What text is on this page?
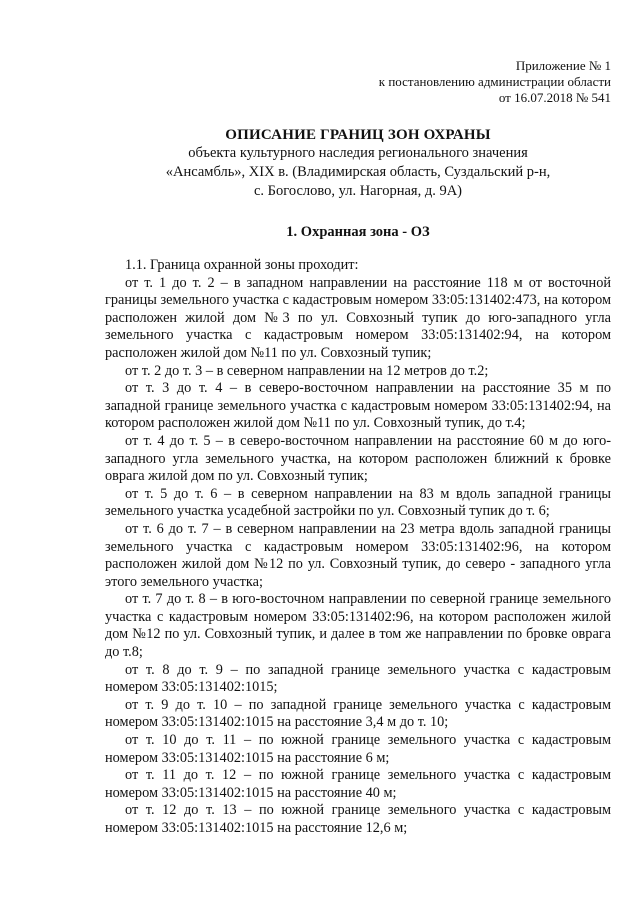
Приложение № 1
к постановлению администрации области
от 16.07.2018 № 541
ОПИСАНИЕ ГРАНИЦ ЗОН ОХРАНЫ
объекта культурного наследия регионального значения
«Ансамбль», XIX в. (Владимирская область, Суздальский р-н,
с. Богослово, ул. Нагорная, д. 9А)
1. Охранная зона - ОЗ

1.1. Граница охранной зоны проходит:

от т. 1 до т. 2 – в западном направлении на расстояние 118 м от восточной границы земельного участка с кадастровым номером 33:05:131402:473, на котором расположен жилой дом №3 по ул. Совхозный тупик до юго-западного угла земельного участка с кадастровым номером 33:05:131402:94, на котором расположен жилой дом №11 по ул. Совхозный тупик;

от т. 2 до т. 3 – в северном направлении на 12 метров до т.2;

от т. 3 до т. 4 – в северо-восточном направлении на расстояние 35 м по западной границе земельного участка с кадастровым номером 33:05:131402:94, на котором расположен жилой дом №11 по ул. Совхозный тупик, до т.4;

от т. 4 до т. 5 – в северо-восточном направлении на расстояние 60 м до юго-западного угла земельного участка, на котором расположен ближний к бровке оврага жилой дом по ул. Совхозный тупик;

от т. 5 до т. 6 – в северном направлении на 83 м вдоль западной границы земельного участка усадебной застройки по ул. Совхозный тупик до т. 6;

от т. 6 до т. 7 – в северном направлении на 23 метра вдоль западной границы земельного участка с кадастровым номером 33:05:131402:96, на котором расположен жилой дом №12 по ул. Совхозный тупик, до северо - западного угла этого земельного участка;

от т. 7 до т. 8 – в юго-восточном направлении по северной границе земельного участка с кадастровым номером 33:05:131402:96, на котором расположен жилой дом №12 по ул. Совхозный тупик, и далее в том же направлении по бровке оврага до т.8;

от т. 8 до т. 9 – по западной границе земельного участка с кадастровым номером 33:05:131402:1015;

от т. 9 до т. 10 – по западной границе земельного участка с кадастровым номером 33:05:131402:1015 на расстояние 3,4 м до т. 10;

от т. 10 до т. 11 – по южной границе земельного участка с кадастровым номером 33:05:131402:1015 на расстояние 6 м;

от т. 11 до т. 12 – по южной границе земельного участка с кадастровым номером 33:05:131402:1015 на расстояние 40 м;

от т. 12 до т. 13 – по южной границе земельного участка с кадастровым номером 33:05:131402:1015 на расстояние 12,6 м;
